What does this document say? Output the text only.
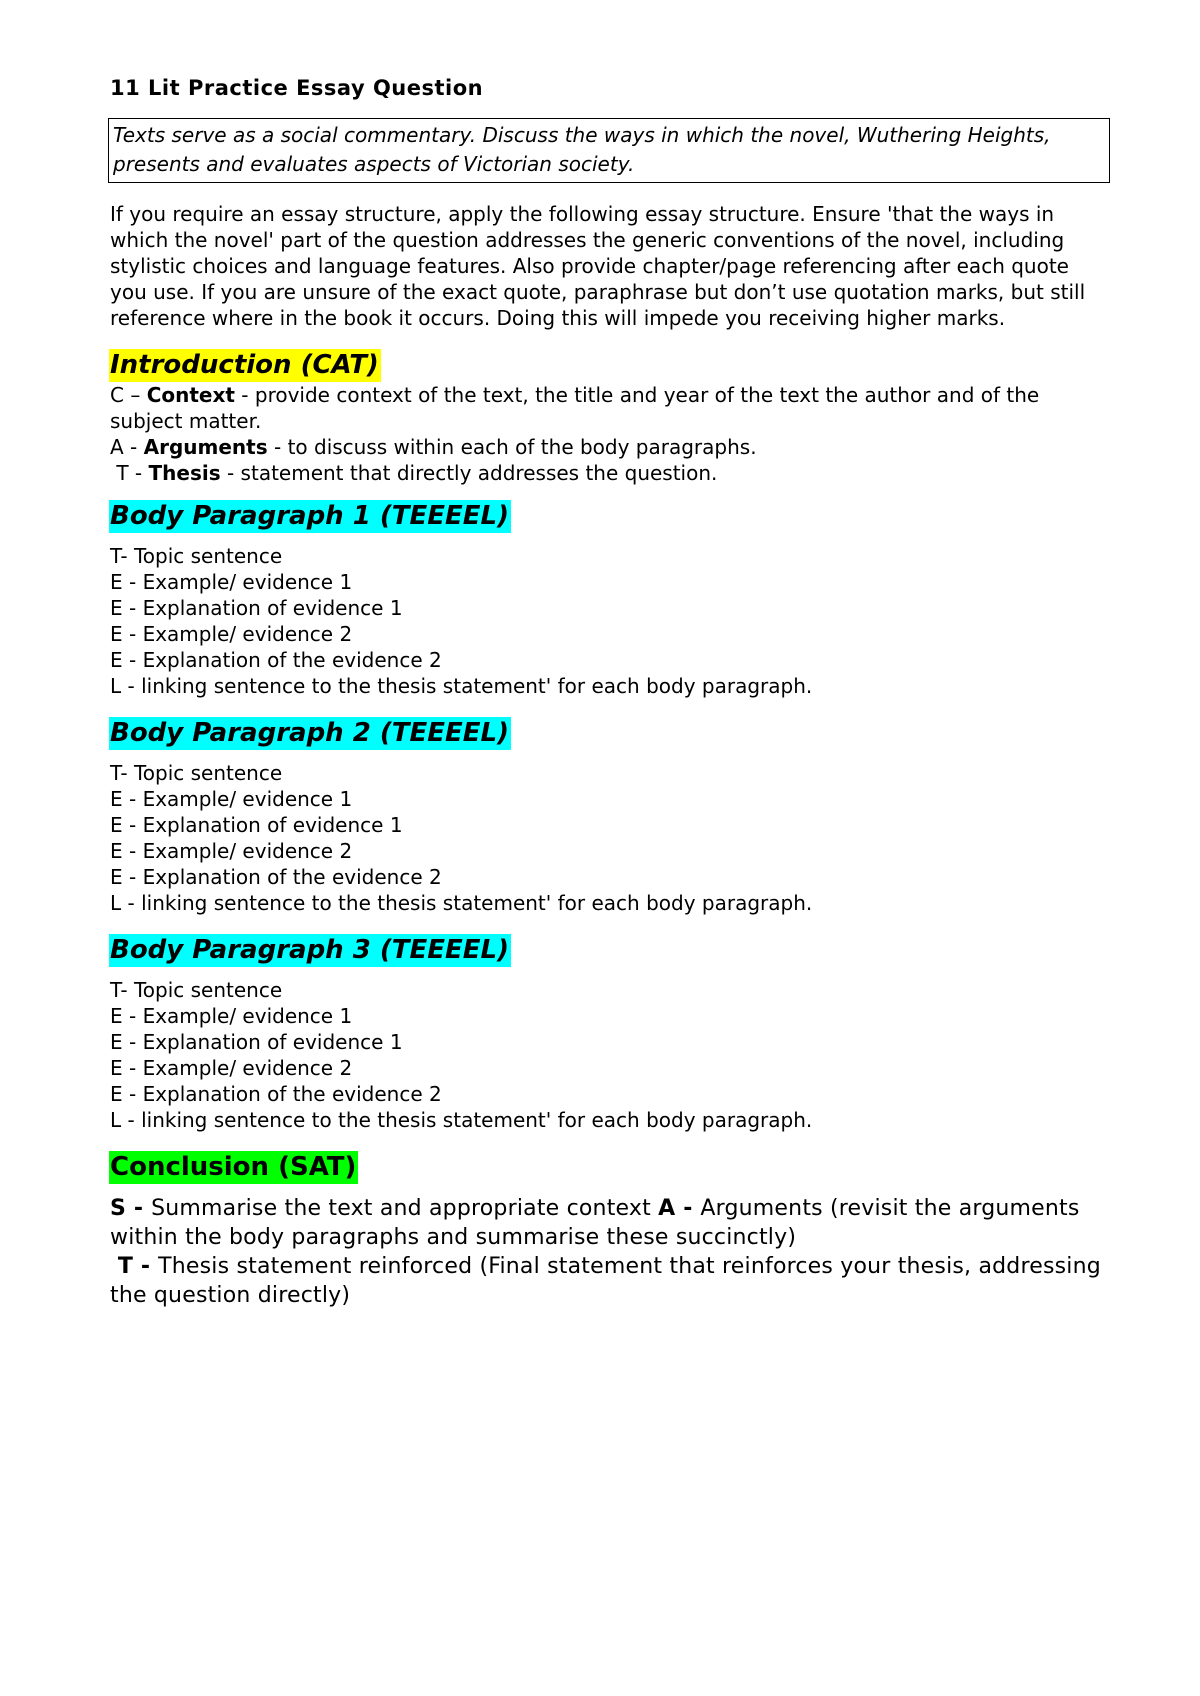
11 Lit Practice Essay Question
Texts serve as a social commentary. Discuss the ways in which the novel, Wuthering Heights, presents and evaluates aspects of Victorian society.
If you require an essay structure, apply the following essay structure. Ensure 'that the ways in which the novel' part of the question addresses the generic conventions of the novel, including stylistic choices and language features. Also provide chapter/page referencing after each quote you use. If you are unsure of the exact quote, paraphrase but don’t use quotation marks, but still reference where in the book it occurs. Doing this will impede you receiving higher marks.
Introduction (CAT)
C – Context - provide context of the text, the title and year of the text the author and of the subject matter.
A - Arguments - to discuss within each of the body paragraphs.
T - Thesis - statement that directly addresses the question.
Body Paragraph 1 (TEEEEL)
T- Topic sentence
E - Example/ evidence 1
E - Explanation of evidence 1
E - Example/ evidence 2
E - Explanation of the evidence 2
L - linking sentence to the thesis statement' for each body paragraph.
Body Paragraph 2 (TEEEEL)
T- Topic sentence
E - Example/ evidence 1
E - Explanation of evidence 1
E - Example/ evidence 2
E - Explanation of the evidence 2
L - linking sentence to the thesis statement' for each body paragraph.
Body Paragraph 3 (TEEEEL)
T- Topic sentence
E - Example/ evidence 1
E - Explanation of evidence 1
E - Example/ evidence 2
E - Explanation of the evidence 2
L - linking sentence to the thesis statement' for each body paragraph.
Conclusion (SAT)
S - Summarise the text and appropriate context A - Arguments (revisit the arguments within the body paragraphs and summarise these succinctly)
T - Thesis statement reinforced (Final statement that reinforces your thesis, addressing the question directly)
